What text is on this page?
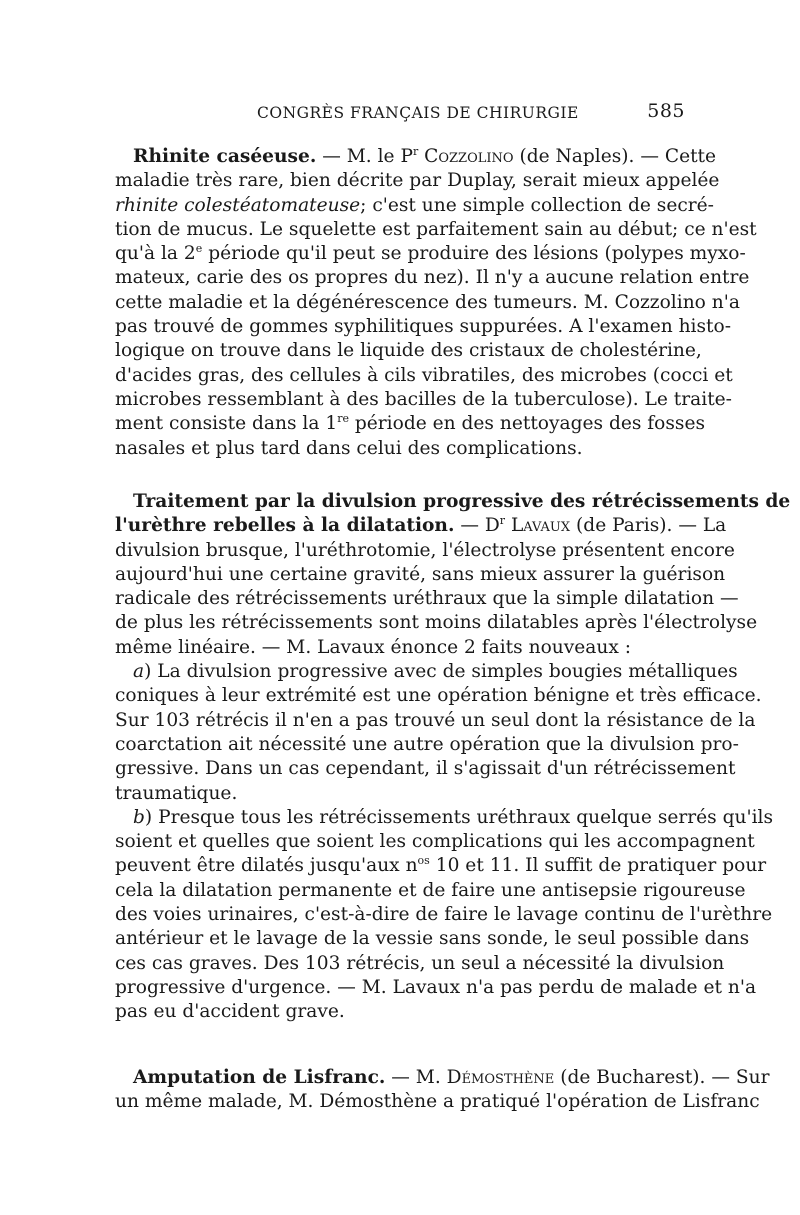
CONGRÈS FRANÇAIS DE CHIRURGIE	585
Rhinite caséeuse. — M. le $P^r$ Cozzolino (de Naples). — Cette
maladie très rare, bien décrite par Duplay, serait mieux appelée
rhinite colestéatomateuse; c'est une simple collection de secré-
tion de mucus. Le squelette est parfaitement sain au début; ce n'est
qu'à la 2e période qu'il peut se produire des lésions (polypes myxo-
mateux, carie des os propres du nez). Il n'y a aucune relation entre
cette maladie et la dégénérescence des tumeurs. M. Cozzolino n'a
pas trouvé de gommes syphilitiques suppurées. A l'examen histo-
logique on trouve dans le liquide des cristaux de cholestérine,
d'acides gras, des cellules à cils vibratiles, des microbes (cocci et
microbes ressemblant à des bacilles de la tuberculose). Le traite-
ment consiste dans la 1re période en des nettoyages des fosses
nasales et plus tard dans celui des complications.
Traitement par la divulsion progressive des rétrécissements de
l'urèthre rebelles à la dilatation. — $D^r$ Lavaux (de Paris). — La
divulsion brusque, l'uréthrotomie, l'électrolyse présentent encore
aujourd'hui une certaine gravité, sans mieux assurer la guérison
radicale des rétrécissements uréthraux que la simple dilatation —
de plus les rétrécissements sont moins dilatables après l'électrolyse
même linéaire. — M. Lavaux énonce 2 faits nouveaux :
a) La divulsion progressive avec de simples bougies métalliques
coniques à leur extrémité est une opération bénigne et très efficace.
Sur 103 rétrécis il n'en a pas trouvé un seul dont la résistance de la
coarctation ait nécessité une autre opération que la divulsion pro-
gressive. Dans un cas cependant, il s'agissait d'un rétrécissement
traumatique.
b) Presque tous les rétrécissements uréthraux quelque serrés qu'ils
soient et quelles que soient les complications qui les accompagnent
peuvent être dilatés jusqu'aux $n^{os}$ 10 et 11. Il suffit de pratiquer pour
cela la dilatation permanente et de faire une antisepsie rigoureuse
des voies urinaires, c'est-à-dire de faire le lavage continu de l'urèthre
antérieur et le lavage de la vessie sans sonde, le seul possible dans
ces cas graves. Des 103 rétrécis, un seul a nécessité la divulsion
progressive d'urgence. — M. Lavaux n'a pas perdu de malade et n'a
pas eu d'accident grave.
Amputation de Lisfranc. — M. Démosthène (de Bucharest). — Sur
un même malade, M. Démosthène a pratiqué l'opération de Lisfranc
